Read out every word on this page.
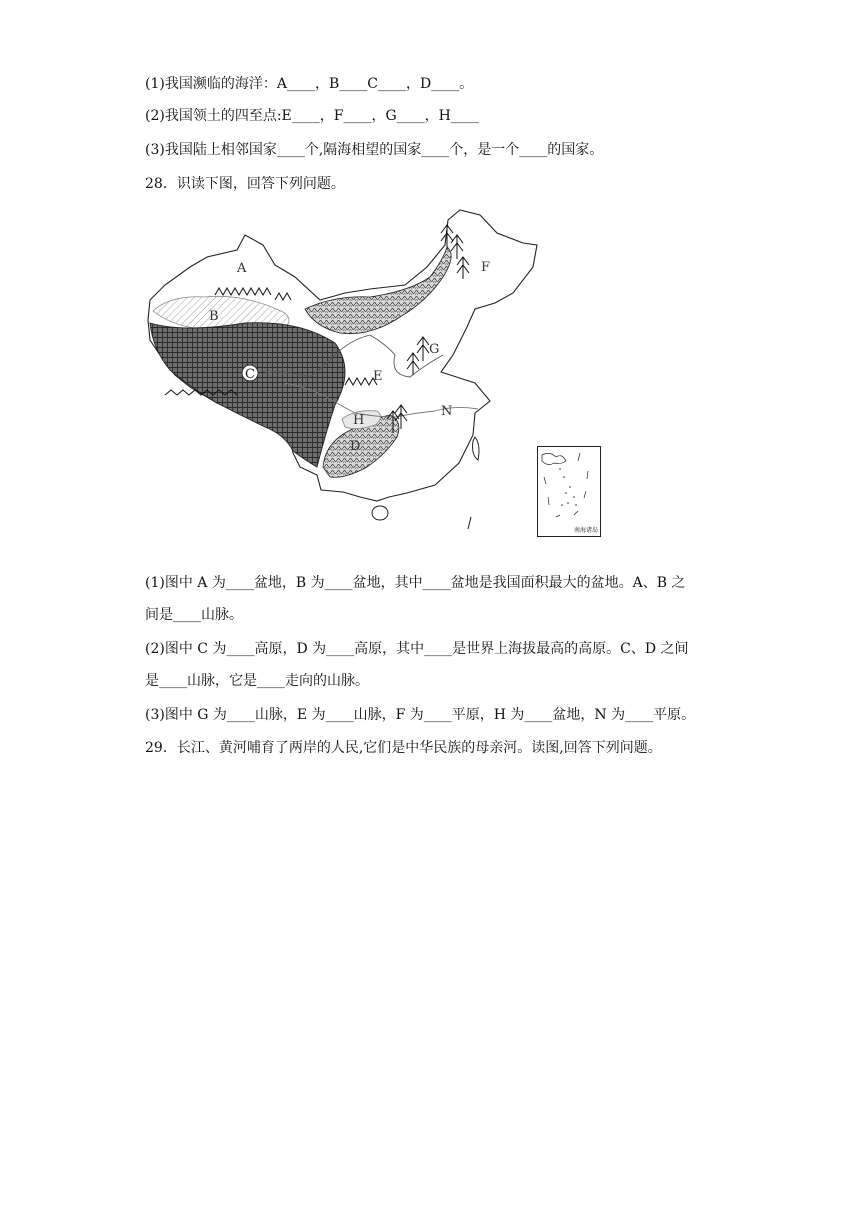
(1)我国濒临的海洋：A____，B____C____，D____。
(2)我国领土的四至点:E____，F____，G____，H____
(3)我国陆上相邻国家____个,隔海相望的国家____个，是一个____的国家。
28．识读下图，回答下列问题。
A
B
F
G
E
N
H
D
C
南海诸岛
(1)图中 A 为____盆地，B 为____盆地，其中____盆地是我国面积最大的盆地。A、B 之
间是____山脉。
(2)图中 C 为____高原，D 为____高原，其中____是世界上海拔最高的高原。C、D 之间
是____山脉，它是____走向的山脉。
(3)图中 G 为____山脉，E 为____山脉，F 为____平原，H 为____盆地，N 为____平原。
29．长江、黄河哺育了两岸的人民,它们是中华民族的母亲河。读图,回答下列问题。
